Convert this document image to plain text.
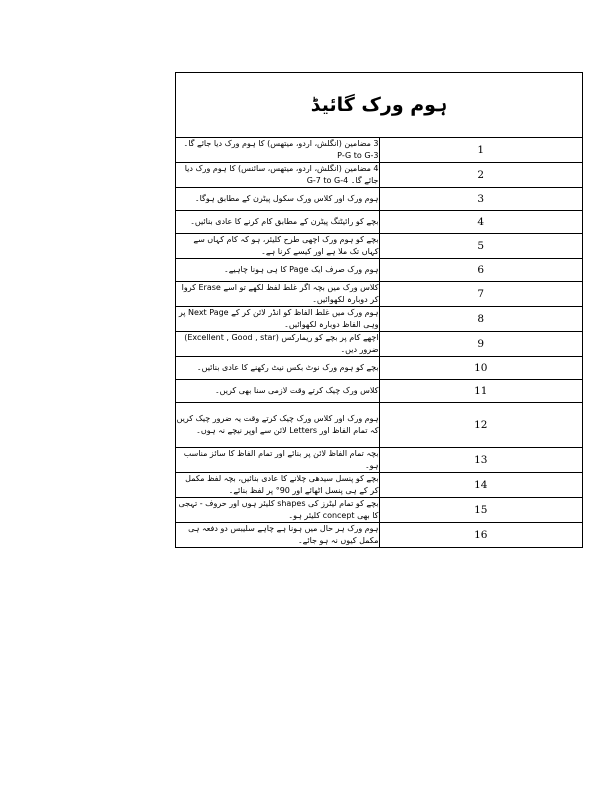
ہوم ورک گائیڈ	
3 مضامین (انگلش، اردو، میتھس) کا ہوم ورک دیا جائے گا۔ P-G to G-3	1
4 مضامین (انگلش، اردو، میتھس، سائنس) کا ہوم ورک دیا جائے گا۔ G-7 to G-4	2
ہوم ورک اور کلاس ورک سکول پیٹرن کے مطابق ہوگا۔	3
بچے کو رائیٹنگ پیٹرن کے مطابق کام کرنے کا عادی بنائیں۔	4
بچے کو ہوم ورک اچھی طرح کلیئر، ہو کہ کام کہاں سے کہاں تک ملا ہے اور کیسے کرنا ہے۔	5
ہوم ورک صرف ایک Page کا ہی ہونا چاہیے۔	6
کلاس ورک میں بچہ اگر غلط لفظ لکھے تو اسے Erase کروا کر دوبارہ لکھوائیں۔	7
ہوم ورک میں غلط الفاظ کو انڈر لائن کر کے Next Page پر وہی الفاظ دوبارہ لکھوائیں۔	8
اچھے کام پر بچے کو ریمارکس (Excellent , Good , star) ضرور دیں۔	9
بچے کو ہوم ورک نوٹ بکس نیٹ رکھنے کا عادی بنائیں۔	10
کلاس ورک چیک کرتے وقت لازمی سنا بھی کریں۔	11
ہوم ورک اور کلاس ورک چیک کرتے وقت یہ ضرور چیک کریں کہ تمام الفاظ اور Letters لائن سے اوپر نیچے نہ ہوں۔	12
بچہ تمام الفاظ لائن پر بنائے اور تمام الفاظ کا سائز مناسب ہو۔	13
بچے کو پنسل سیدھی چلانے کا عادی بنائیں، بچہ لفظ مکمل کر کے ہی پنسل اٹھائے اور 90° پر لفظ بنائے۔	14
بچے کو تمام لیٹرز کی shapes کلیئر ہوں اور حروف - تہجی کا بھی concept کلیئر ہو۔	15
ہوم ورک ہر حال میں ہونا ہے چاہے سلیبس دو دفعہ ہی مکمل کیوں نہ ہو جائے۔	16
